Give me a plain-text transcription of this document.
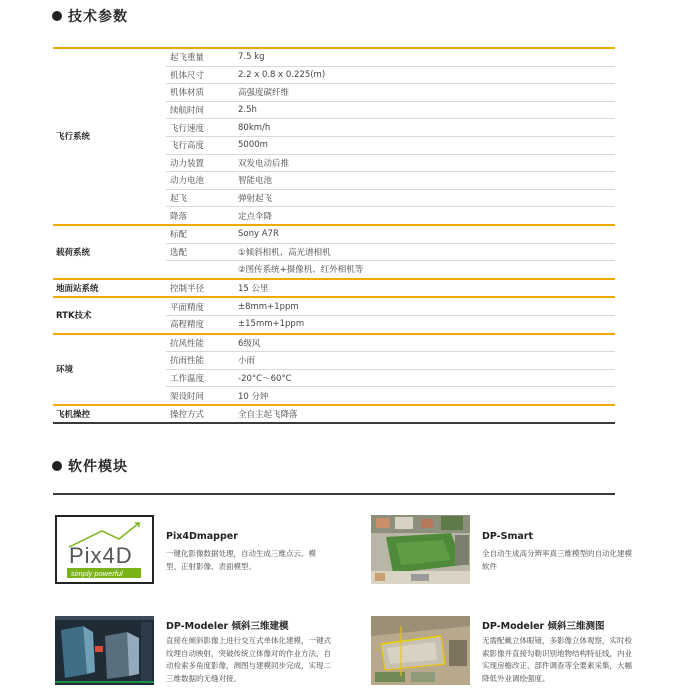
技术参数
飞行系统
起飞重量	7.5 kg
机体尺寸	2.2 x 0.8 x 0.225(m)
机体材质	高强度碳纤维
续航时间	2.5h
飞行速度	80km/h
飞行高度	5000m
动力装置	双发电动后推
动力电池	智能电池
起飞	弹射起飞
降落	定点伞降
载荷系统
标配	Sony A7R
选配	①倾斜相机、高光谱相机
②图传系统+摄像机、红外相机等
地面站系统	控制半径	15 公里
RTK技术
平面精度	±8mm+1ppm
高程精度	±15mm+1ppm
环境
抗风性能	6级风
抗雨性能	小雨
工作温度	-20°C～60°C
架设时间	10 分钟
飞机操控	操控方式	全自主起飞降落
软件模块
Pix4D
simply powerful
Pix4Dmapper
一键化影像数据处理，自动生成三维点云、模型、正射影像、表面模型。
DP-Smart
全自动生成高分辨率真三维模型的自动化建模软件
DP-Modeler 倾斜三维建模
直接在倾斜影像上进行交互式单体化建模，一键式纹理自动映射，突破传统立体像对的作业方法，自动检索多角度影像，测图与建模同步完成，实现二三维数据的无缝对接。
DP-Modeler 倾斜三维测图
无需配戴立体眼镜，多影像立体观察，实时检索影像并直接勾勒识别地物结构特征线，内业实现房檐改正、部件调查等全要素采集，大幅降低外业调绘强度。
